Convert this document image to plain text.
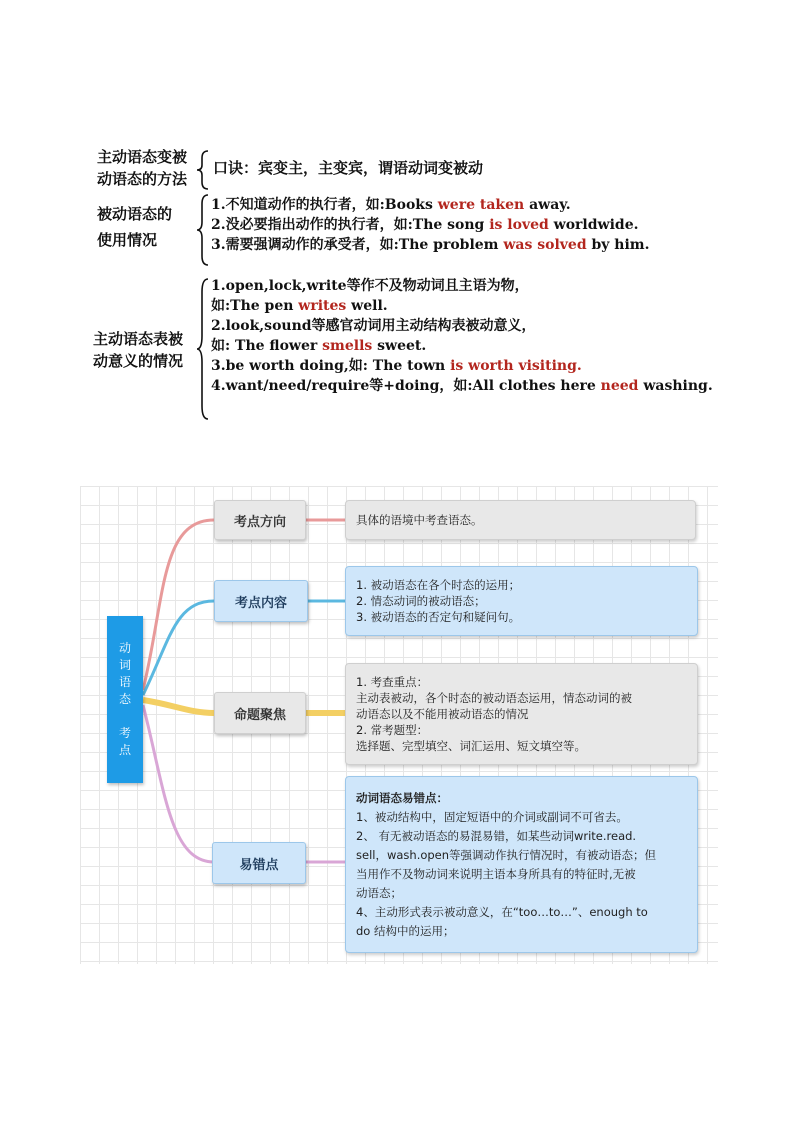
主动语态变被
动语态的方法
口诀：宾变主，主变宾，谓语动词变被动
被动语态的
使用情况
1.不知道动作的执行者，如:Books were taken away.
2.没必要指出动作的执行者，如:The song is loved worldwide.
3.需要强调动作的承受者，如:The problem was solved by him.
主动语态表被
动意义的情况
1.open,lock,write等作不及物动词且主语为物，
如:The pen writes well.
2.look,sound等感官动词用主动结构表被动意义，
如: The flower smells sweet.
3.be worth doing,如: The town is worth visiting.
4.want/need/require等+doing，如:All clothes here need washing.
动
词
语
态

考
点
考点方向
考点内容
命题聚焦
易错点
具体的语境中考查语态。
1. 被动语态在各个时态的运用；
2. 情态动词的被动语态；
3. 被动语态的否定句和疑问句。
1. 考查重点：
主动表被动，各个时态的被动语态运用，情态动词的被
动语态以及不能用被动语态的情况
2. 常考题型：
选择题、完型填空、词汇运用、短文填空等。
动词语态易错点：
1、被动结构中，固定短语中的介词或副词不可省去。
2、 有无被动语态的易混易错，如某些动词write.read.
sell，wash.open等强调动作执行情况时，有被动语态；但
当用作不及物动词来说明主语本身所具有的特征时,无被
动语态；
4、主动形式表示被动意义，在“too…to…”、enough to
do 结构中的运用；
